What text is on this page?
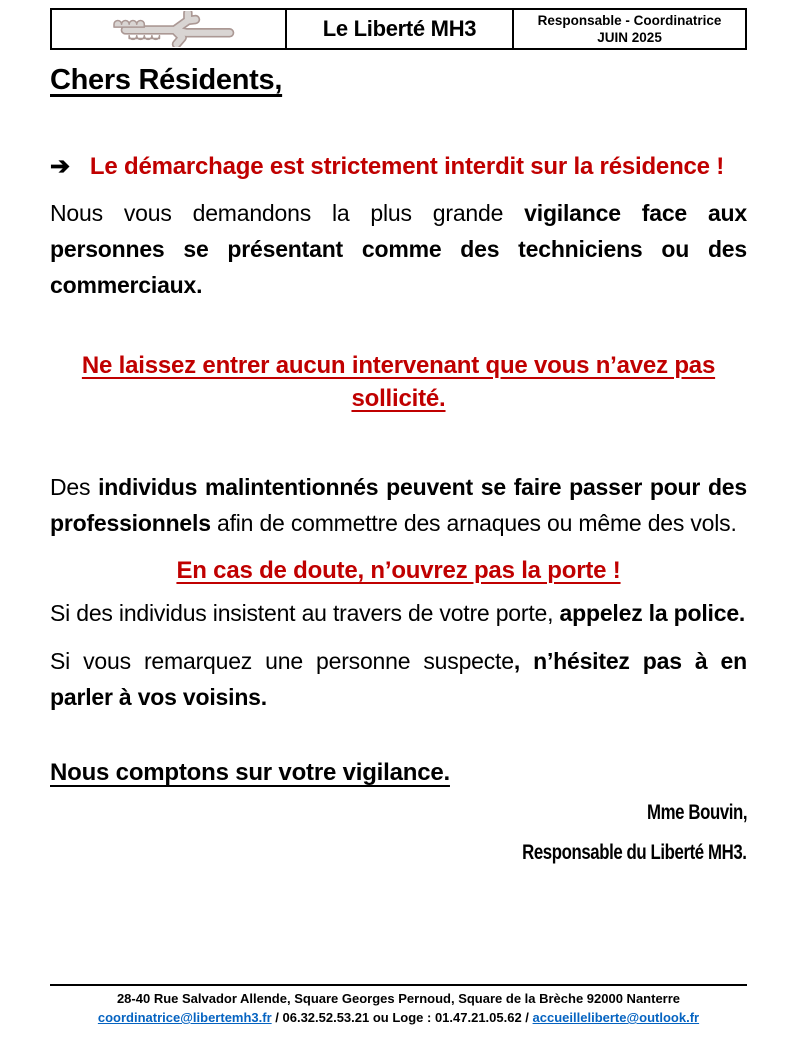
Le Liberté MH3	Responsable - Coordinatrice
JUIN 2025
Chers Résidents,

➔ Le démarchage est strictement interdit sur la résidence !

Nous vous demandons la plus grande vigilance face aux personnes se présentant comme des techniciens ou des commerciaux.

Ne laissez entrer aucun intervenant que vous n’avez pas sollicité.

Des individus malintentionnés peuvent se faire passer pour des professionnels afin de commettre des arnaques ou même des vols.

En cas de doute, n’ouvrez pas la porte !

Si des individus insistent au travers de votre porte, appelez la police.

Si vous remarquez une personne suspecte, n’hésitez pas à en parler à vos voisins.

Nous comptons sur votre vigilance.

Mme Bouvin,

Responsable du Liberté MH3.

28-40 Rue Salvador Allende, Square Georges Pernoud, Square de la Brèche 92000 Nanterre
coordinatrice@libertemh3.fr / 06.32.52.53.21 ou Loge : 01.47.21.05.62 / accueilleliberte@outlook.fr
